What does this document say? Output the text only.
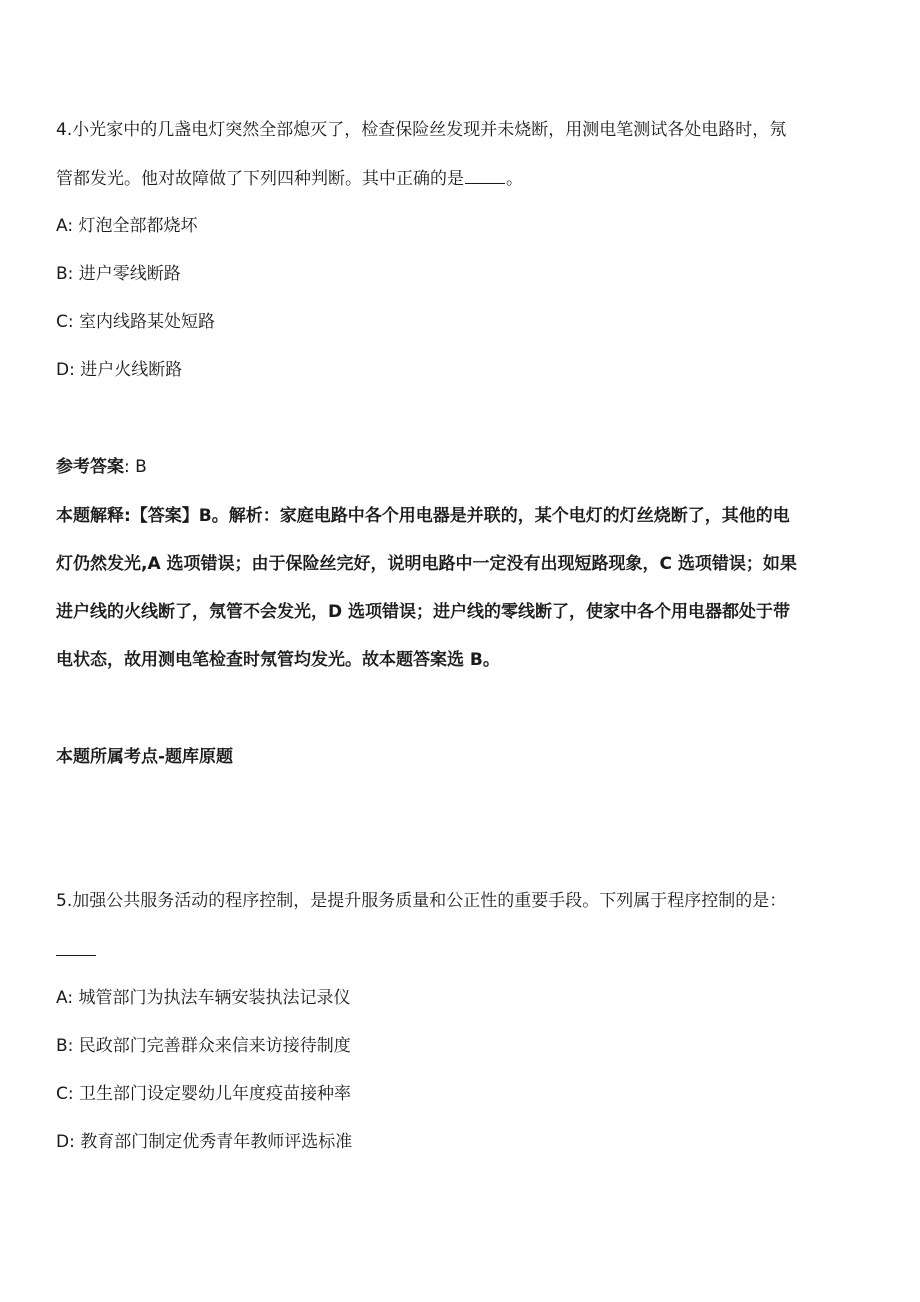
4.小光家中的几盏电灯突然全部熄灭了，检查保险丝发现并未烧断，用测电笔测试各处电路时，氖
管都发光。他对故障做了下列四种判断。其中正确的是 。
A: 灯泡全部都烧坏
B: 进户零线断路
C: 室内线路某处短路
D: 进户火线断路
参考答案: B
本题解释:【答案】B。解析：家庭电路中各个用电器是并联的，某个电灯的灯丝烧断了，其他的电
灯仍然发光,A 选项错误；由于保险丝完好，说明电路中一定没有出现短路现象，C 选项错误；如果
进户线的火线断了，氖管不会发光，D 选项错误；进户线的零线断了，使家中各个用电器都处于带
电状态，故用测电笔检查时氖管均发光。故本题答案选 B。
本题所属考点-题库原题
5.加强公共服务活动的程序控制，是提升服务质量和公正性的重要手段。下列属于程序控制的是：
A: 城管部门为执法车辆安装执法记录仪
B: 民政部门完善群众来信来访接待制度
C: 卫生部门设定婴幼儿年度疫苗接种率
D: 教育部门制定优秀青年教师评选标准
